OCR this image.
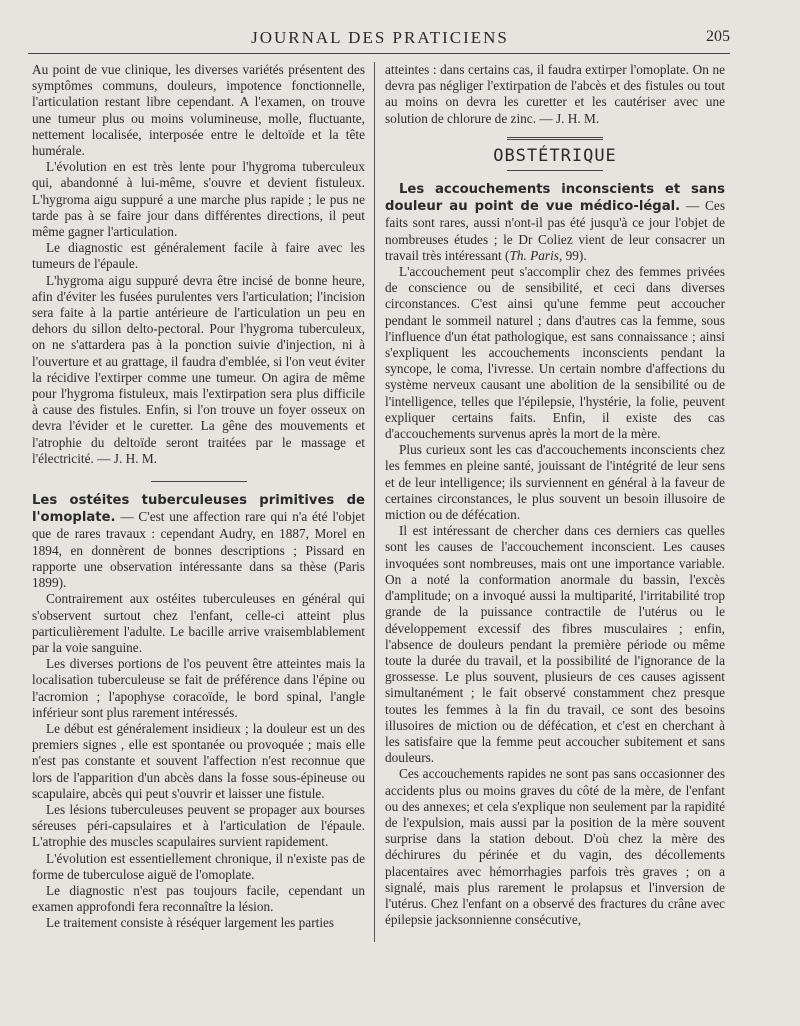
JOURNAL DES PRATICIENS	205

Au point de vue clinique, les diverses variétés présentent des symptômes communs, douleurs, impotence fonctionnelle, l'articulation restant libre cependant. A l'examen, on trouve une tumeur plus ou moins volumineuse, molle, fluctuante, nettement localisée, interposée entre le deltoïde et la tête humérale.

L'évolution en est très lente pour l'hygroma tuberculeux qui, abandonné à lui-même, s'ouvre et devient fistuleux. L'hygroma aigu suppuré a une marche plus rapide ; le pus ne tarde pas à se faire jour dans différentes directions, il peut même gagner l'articulation.

Le diagnostic est généralement facile à faire avec les tumeurs de l'épaule.

L'hygroma aigu suppuré devra être incisé de bonne heure, afin d'éviter les fusées purulentes vers l'articulation; l'incision sera faite à la partie antérieure de l'articulation un peu en dehors du sillon delto-pectoral. Pour l'hygroma tuberculeux, on ne s'attardera pas à la ponction suivie d'injection, ni à l'ouverture et au grattage, il faudra d'emblée, si l'on veut éviter la récidive l'extirper comme une tumeur. On agira de même pour l'hygroma fistuleux, mais l'extirpation sera plus difficile à cause des fistules. Enfin, si l'on trouve un foyer osseux on devra l'évider et le curetter. La gêne des mouvements et l'atrophie du deltoïde seront traitées par le massage et l'électricité. — J. H. M.

Les ostéites tuberculeuses primitives de l'omoplate. — C'est une affection rare qui n'a été l'objet que de rares travaux : cependant Audry, en 1887, Morel en 1894, en donnèrent de bonnes descriptions ; Pissard en rapporte une observation intéressante dans sa thèse (Paris 1899).

Contrairement aux ostéites tuberculeuses en général qui s'observent surtout chez l'enfant, celle-ci atteint plus particulièrement l'adulte. Le bacille arrive vraisemblablement par la voie sanguine.

Les diverses portions de l'os peuvent être atteintes mais la localisation tuberculeuse se fait de préférence dans l'épine ou l'acromion ; l'apophyse coracoïde, le bord spinal, l'angle inférieur sont plus rarement intéressés.

Le début est généralement insidieux ; la douleur est un des premiers signes , elle est spontanée ou provoquée ; mais elle n'est pas constante et souvent l'affection n'est reconnue que lors de l'apparition d'un abcès dans la fosse sous-épineuse ou scapulaire, abcès qui peut s'ouvrir et laisser une fistule.

Les lésions tuberculeuses peuvent se propager aux bourses séreuses péri-capsulaires et à l'articulation de l'épaule. L'atrophie des muscles scapulaires survient rapidement.

L'évolution est essentiellement chronique, il n'existe pas de forme de tuberculose aiguë de l'omoplate.

Le diagnostic n'est pas toujours facile, cependant un examen approfondi fera reconnaître la lésion.

Le traitement consiste à réséquer largement les parties

atteintes : dans certains cas, il faudra extirper l'omoplate. On ne devra pas négliger l'extirpation de l'abcès et des fistules ou tout au moins on devra les curetter et les cautériser avec une solution de chlorure de zinc. — J. H. M.

OBSTÉTRIQUE

Les accouchements inconscients et sans douleur au point de vue médico-légal. — Ces faits sont rares, aussi n'ont-il pas été jusqu'à ce jour l'objet de nombreuses études ; le Dr Coliez vient de leur consacrer un travail très intéressant (Th. Paris, 99).

L'accouchement peut s'accomplir chez des femmes privées de conscience ou de sensibilité, et ceci dans diverses circonstances. C'est ainsi qu'une femme peut accoucher pendant le sommeil naturel ; dans d'autres cas la femme, sous l'influence d'un état pathologique, est sans connaissance ; ainsi s'expliquent les accouchements inconscients pendant la syncope, le coma, l'ivresse. Un certain nombre d'affections du système nerveux causant une abolition de la sensibilité ou de l'intelligence, telles que l'épilepsie, l'hystérie, la folie, peuvent expliquer certains faits. Enfin, il existe des cas d'accouchements survenus après la mort de la mère.

Plus curieux sont les cas d'accouchements inconscients chez les femmes en pleine santé, jouissant de l'intégrité de leur sens et de leur intelligence; ils surviennent en général à la faveur de certaines circonstances, le plus souvent un besoin illusoire de miction ou de défécation.

Il est intéressant de chercher dans ces derniers cas quelles sont les causes de l'accouchement inconscient. Les causes invoquées sont nombreuses, mais ont une importance variable. On a noté la conformation anormale du bassin, l'excès d'amplitude; on a invoqué aussi la multiparité, l'irritabilité trop grande de la puissance contractile de l'utérus ou le développement excessif des fibres musculaires ; enfin, l'absence de douleurs pendant la première période ou même toute la durée du travail, et la possibilité de l'ignorance de la grossesse. Le plus souvent, plusieurs de ces causes agissent simultanément ; le fait observé constamment chez presque toutes les femmes à la fin du travail, ce sont des besoins illusoires de miction ou de défécation, et c'est en cherchant à les satisfaire que la femme peut accoucher subitement et sans douleurs.

Ces accouchements rapides ne sont pas sans occasionner des accidents plus ou moins graves du côté de la mère, de l'enfant ou des annexes; et cela s'explique non seulement par la rapidité de l'expulsion, mais aussi par la position de la mère souvent surprise dans la station debout. D'où chez la mère des déchirures du périnée et du vagin, des décollements placentaires avec hémorrhagies parfois très graves ; on a signalé, mais plus rarement le prolapsus et l'inversion de l'utérus. Chez l'enfant on a observé des fractures du crâne avec épilepsie jacksonnienne consécutive,
